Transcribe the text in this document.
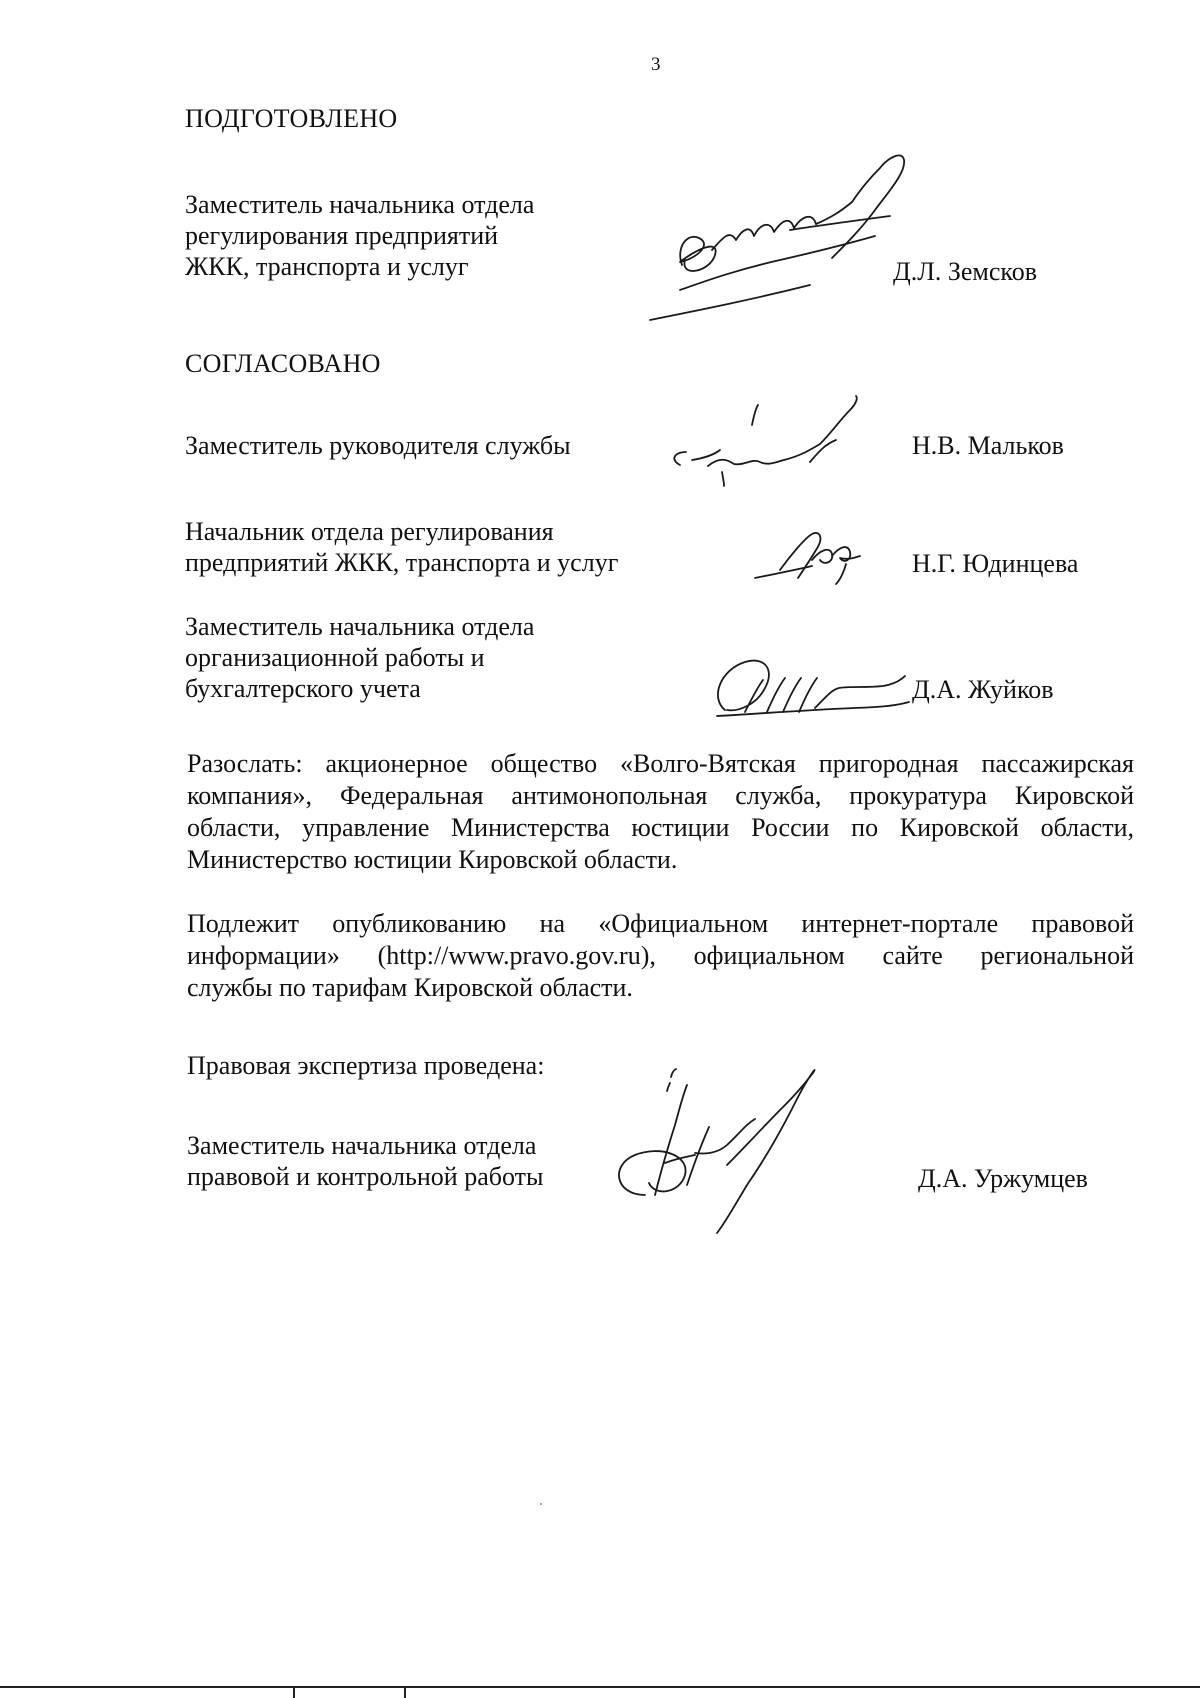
3
ПОДГОТОВЛЕНО
Заместитель начальника отдела
регулирования предприятий
ЖКК, транспорта и услуг	Д.Л. Земсков
СОГЛАСОВАНО
Заместитель руководителя службы	Н.В. Мальков
Начальник отдела регулирования
предприятий ЖКК, транспорта и услуг	Н.Г. Юдинцева
Заместитель начальника отдела
организационной работы и
бухгалтерского учета	Д.А. Жуйков
Разослать: акционерное общество «Волго-Вятская пригородная пассажирская
компания», Федеральная антимонопольная служба, прокуратура Кировской
области, управление Министерства юстиции России по Кировской области,
Министерство юстиции Кировской области.
Подлежит опубликованию на «Официальном интернет-портале правовой
информации» (http://www.pravo.gov.ru), официальном сайте региональной
службы по тарифам Кировской области.
Правовая экспертиза проведена:
Заместитель начальника отдела
правовой и контрольной работы	Д.А. Уржумцев
